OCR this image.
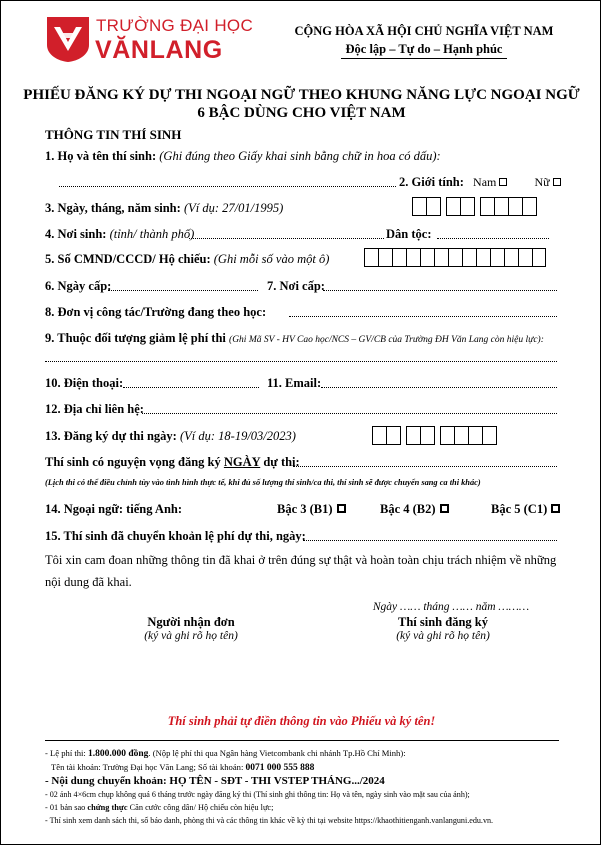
TRƯỜNG ĐẠI HỌC
VĂNLANG
CỘNG HÒA XÃ HỘI CHỦ NGHĨA VIỆT NAM
Độc lập – Tự do – Hạnh phúc
PHIẾU ĐĂNG KÝ DỰ THI NGOẠI NGỮ THEO KHUNG NĂNG LỰC NGOẠI NGỮ
6 BẬC DÙNG CHO VIỆT NAM
THÔNG TIN THÍ SINH
1. Họ và tên thí sinh: (Ghi đúng theo Giấy khai sinh bằng chữ in hoa có dấu):
2. Giới tính: Nam	Nữ
3. Ngày, tháng, năm sinh: (Ví dụ: 27/01/1995)
4. Nơi sinh: (tỉnh/ thành phố)	Dân tộc:
5. Số CMND/CCCD/ Hộ chiếu: (Ghi mỗi số vào một ô)
6. Ngày cấp:	7. Nơi cấp:
8. Đơn vị công tác/Trường đang theo học:
9. Thuộc đối tượng giảm lệ phí thi (Ghi Mã SV - HV Cao học/NCS – GV/CB của Trường ĐH Văn Lang còn hiệu lực):
10. Điện thoại:	11. Email:
12. Địa chỉ liên hệ:
13. Đăng ký dự thi ngày: (Ví dụ: 18-19/03/2023)
Thí sinh có nguyện vọng đăng ký NGÀY dự thi:
(Lịch thi có thể điều chỉnh tùy vào tình hình thực tế, khi đủ số lượng thí sinh/ca thi, thí sinh sẽ được chuyển sang ca thi khác)
14. Ngoại ngữ: tiếng Anh:	Bậc 3 (B1)	Bậc 4 (B2)	Bậc 5 (C1)
15. Thí sinh đã chuyển khoản lệ phí dự thi, ngày:
Tôi xin cam đoan những thông tin đã khai ở trên đúng sự thật và hoàn toàn chịu trách nhiệm về những
nội dung đã khai.
Ngày …… tháng …… năm ………
Người nhận đơn
(ký và ghi rõ họ tên)
Thí sinh đăng ký
(ký và ghi rõ họ tên)
Thí sinh phải tự điền thông tin vào Phiếu và ký tên!
- Lệ phí thi: 1.800.000 đồng. (Nộp lệ phí thi qua Ngân hàng Vietcombank chi nhánh Tp.Hồ Chí Minh):
Tên tài khoản: Trường Đại học Văn Lang; Số tài khoản: 0071 000 555 888
- Nội dung chuyển khoản: HỌ TÊN - SĐT - THI VSTEP THÁNG.../2024
- 02 ảnh 4×6cm chụp không quá 6 tháng trước ngày đăng ký thi (Thí sinh ghi thông tin: Họ và tên, ngày sinh vào mặt sau của ảnh);
- 01 bản sao chứng thực Căn cước công dân/ Hộ chiếu còn hiệu lực;
- Thí sinh xem danh sách thi, số báo danh, phòng thi và các thông tin khác về kỳ thi tại website https://khaothitienganh.vanlanguni.edu.vn.
